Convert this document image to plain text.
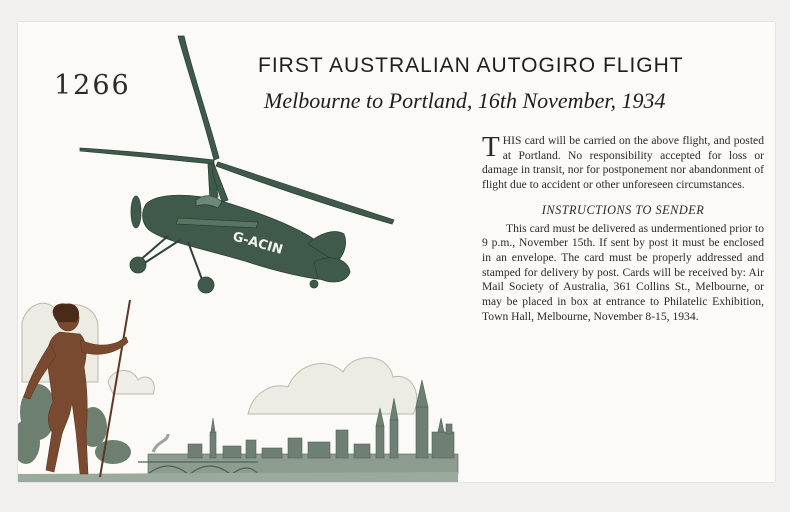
G-ACIN
1266
FIRST AUSTRALIAN AUTOGIRO FLIGHT
Melbourne to Portland, 16th November, 1934
T HIS card will be carried on the above flight, and posted at Portland. No responsibility accepted for loss or damage in transit, nor for postponement nor abandonment of flight due to accident or other unforeseen circumstances.

INSTRUCTIONS TO SENDER

This card must be delivered as undermentioned prior to 9 p.m., November 15th. If sent by post it must be enclosed in an envelope. The card must be properly addressed and stamped for delivery by post. Cards will be received by: Air Mail Society of Australia, 361 Collins St., Melbourne, or may be placed in box at entrance to Philatelic Exhibition, Town Hall, Melbourne, November 8-15, 1934.
